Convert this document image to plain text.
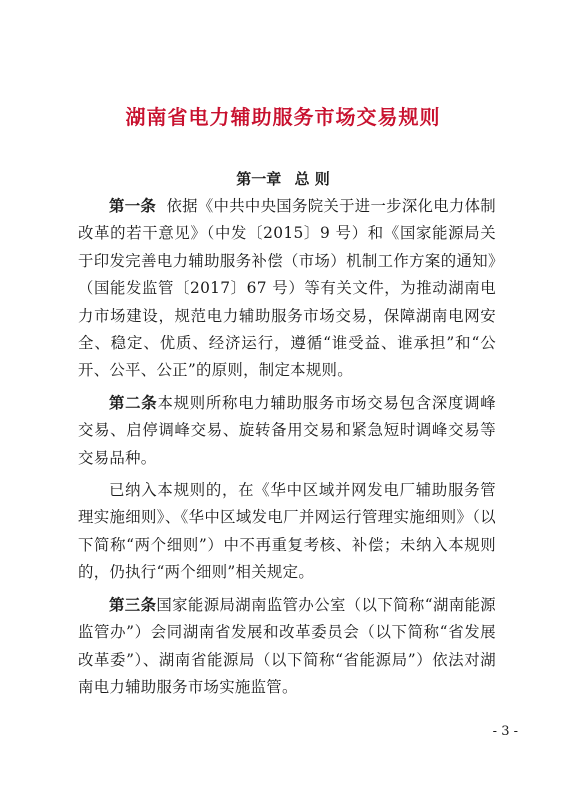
湖南省电力辅助服务市场交易规则
第一章 总 则

第一条 依据《中共中央国务院关于进一步深化电力体制改革的若干意见》（中发〔2015〕9 号）和《国家能源局关于印发完善电力辅助服务补偿（市场）机制工作方案的通知》（国能发监管〔2017〕67 号）等有关文件，为推动湖南电力市场建设，规范电力辅助服务市场交易，保障湖南电网安全、稳定、优质、经济运行，遵循“谁受益、谁承担”和“公开、公平、公正”的原则，制定本规则。

第二条本规则所称电力辅助服务市场交易包含深度调峰交易、启停调峰交易、旋转备用交易和紧急短时调峰交易等交易品种。

已纳入本规则的，在《华中区域并网发电厂辅助服务管理实施细则》、《华中区域发电厂并网运行管理实施细则》（以下简称“两个细则”）中不再重复考核、补偿；未纳入本规则的，仍执行“两个细则”相关规定。

第三条国家能源局湖南监管办公室（以下简称“湖南能源监管办”）会同湖南省发展和改革委员会（以下简称“省发展改革委”）、湖南省能源局（以下简称“省能源局”）依法对湖南电力辅助服务市场实施监管。

- 3 -
